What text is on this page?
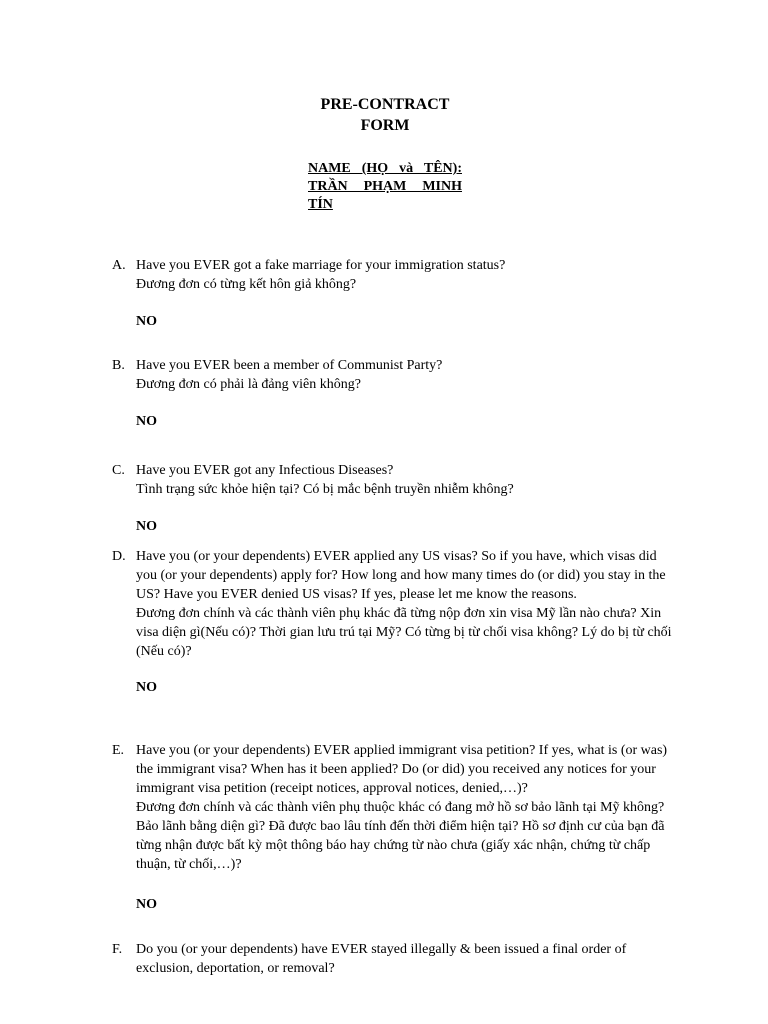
PRE-CONTRACT
FORM
NAME (HỌ và TÊN):
TRẦN PHẠM MINH
TÍN
A. Have you EVER got a fake marriage for your immigration status?

Đương đơn có từng kết hôn giả không?

NO
B. Have you EVER been a member of Communist Party?

Đương đơn có phải là đảng viên không?

NO
C. Have you EVER got any Infectious Diseases?

Tình trạng sức khỏe hiện tại? Có bị mắc bệnh truyền nhiễm không?

NO
D. Have you (or your dependents) EVER applied any US visas? So if you have, which visas did you (or your dependents) apply for? How long and how many times do (or did) you stay in the US? Have you EVER denied US visas? If yes, please let me know the reasons.

Đương đơn chính và các thành viên phụ khác đã từng nộp đơn xin visa Mỹ lần nào chưa? Xin visa diện gì(Nếu có)? Thời gian lưu trú tại Mỹ? Có từng bị từ chối visa không? Lý do bị từ chối (Nếu có)?

NO
E. Have you (or your dependents) EVER applied immigrant visa petition? If yes, what is (or was) the immigrant visa? When has it been applied? Do (or did) you received any notices for your immigrant visa petition (receipt notices, approval notices, denied,…)?

Đương đơn chính và các thành viên phụ thuộc khác có đang mở hồ sơ bảo lãnh tại Mỹ không? Bảo lãnh bằng diện gì? Đã được bao lâu tính đến thời điểm hiện tại? Hồ sơ định cư của bạn đã từng nhận được bất kỳ một thông báo hay chứng từ nào chưa (giấy xác nhận, chứng từ chấp thuận, từ chối,…)?

NO
F. Do you (or your dependents) have EVER stayed illegally & been issued a final order of exclusion, deportation, or removal?
